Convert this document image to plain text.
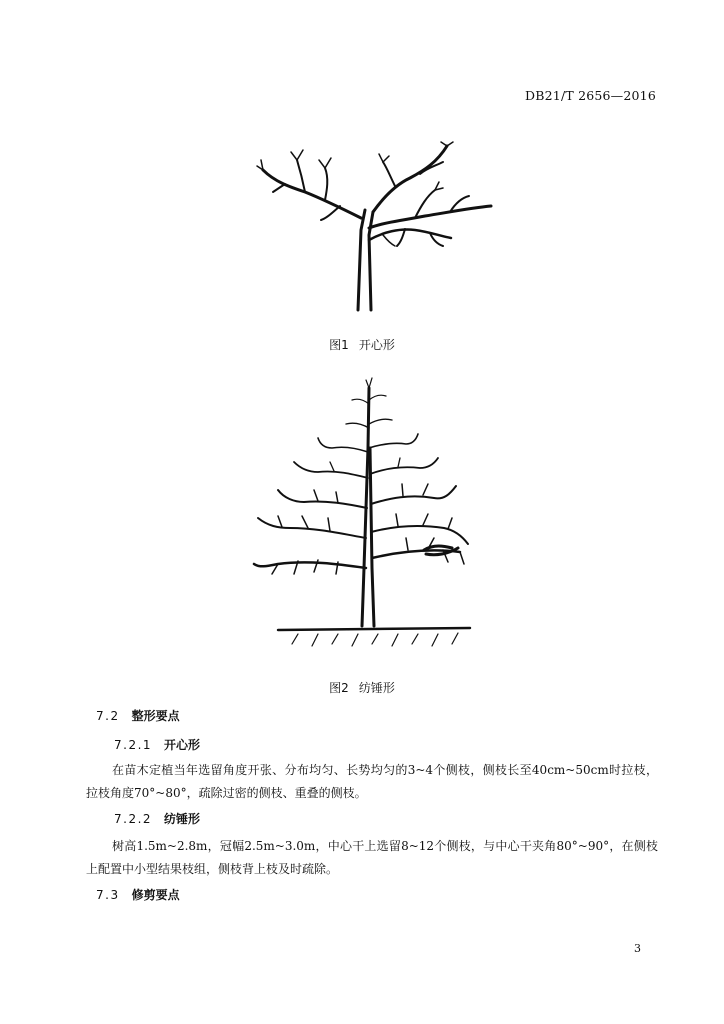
DB21/T 2656—2016
图1 开心形
图2 纺锤形
7.2 整形要点
7.2.1 开心形
在苗木定植当年选留角度开张、分布均匀、长势均匀的3~4个侧枝，侧枝长至40cm~50cm时拉枝，拉枝角度70°~80°，疏除过密的侧枝、重叠的侧枝。
7.2.2 纺锤形
树高1.5m~2.8m，冠幅2.5m~3.0m，中心干上选留8~12个侧枝，与中心干夹角80°~90°，在侧枝上配置中小型结果枝组，侧枝背上枝及时疏除。
7.3 修剪要点
3
